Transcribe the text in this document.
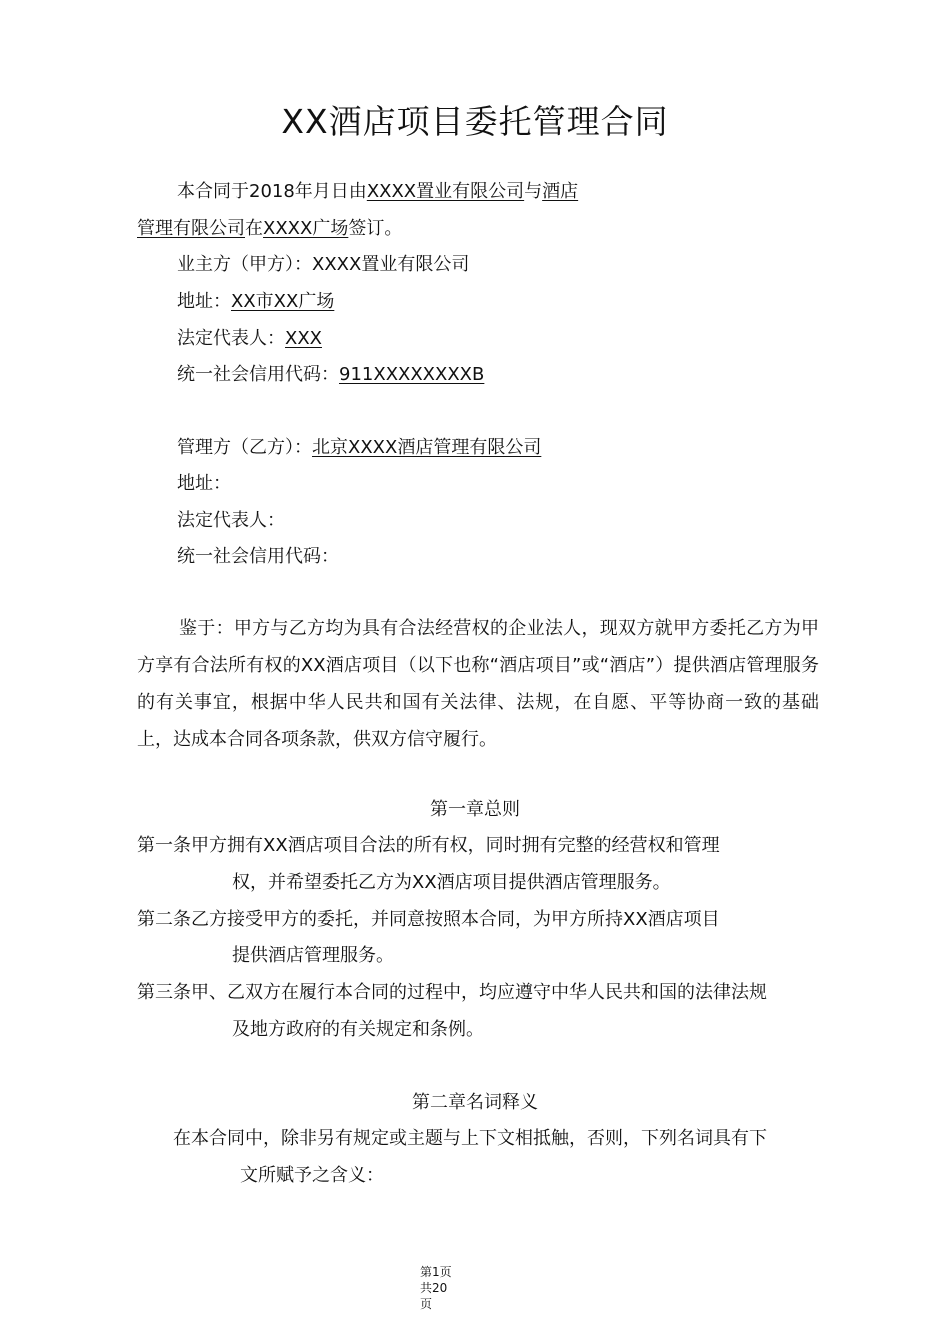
XX酒店项目委托管理合同
本合同于2018年月日由XXXX置业有限公司与酒店
管理有限公司在XXXX广场签订。
业主方（甲方）：XXXX置业有限公司
地址：XX市XX广场
法定代表人：XXX
统一社会信用代码：911XXXXXXXXB
管理方（乙方）：北京XXXX酒店管理有限公司
地址：
法定代表人：
统一社会信用代码：
鉴于：甲方与乙方均为具有合法经营权的企业法人，现双方就甲方委托乙方为甲方享有合法所有权的XX酒店项目（以下也称“酒店项目”或“酒店”）提供酒店管理服务的有关事宜，根据中华人民共和国有关法律、法规，在自愿、平等协商一致的基础上，达成本合同各项条款，供双方信守履行。
第一章总则
第一条甲方拥有XX酒店项目合法的所有权，同时拥有完整的经营权和管理
权，并希望委托乙方为XX酒店项目提供酒店管理服务。
第二条乙方接受甲方的委托，并同意按照本合同，为甲方所持XX酒店项目
提供酒店管理服务。
第三条甲、乙双方在履行本合同的过程中，均应遵守中华人民共和国的法律法规
及地方政府的有关规定和条例。
第二章名词释义
在本合同中，除非另有规定或主题与上下文相抵触，否则，下列名词具有下
文所赋予之含义：
第1页
共20
页
